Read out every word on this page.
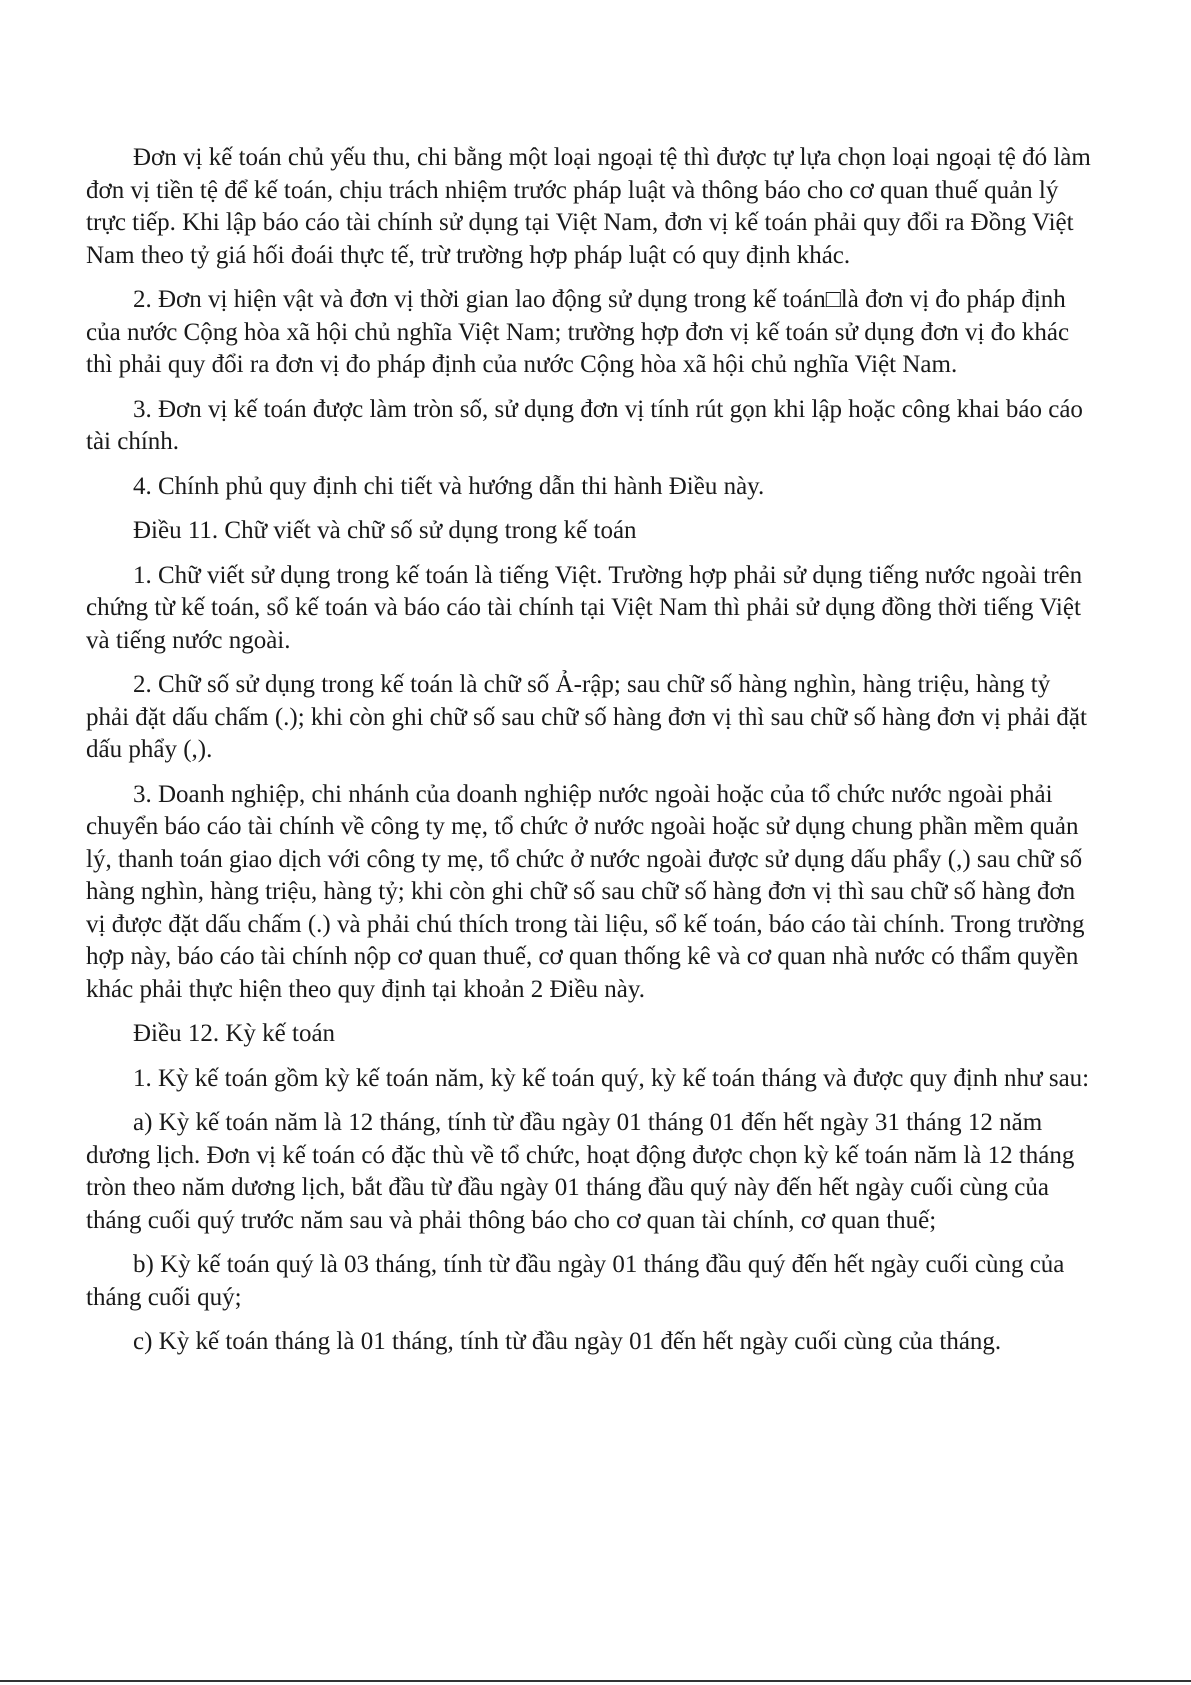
Đơn vị kế toán chủ yếu thu, chi bằng một loại ngoại tệ thì được tự lựa chọn loại ngoại tệ đó làm đơn vị tiền tệ để kế toán, chịu trách nhiệm trước pháp luật và thông báo cho cơ quan thuế quản lý trực tiếp. Khi lập báo cáo tài chính sử dụng tại Việt Nam, đơn vị kế toán phải quy đổi ra Đồng Việt Nam theo tỷ giá hối đoái thực tế, trừ trường hợp pháp luật có quy định khác.

2. Đơn vị hiện vật và đơn vị thời gian lao động sử dụng trong kế toán□là đơn vị đo pháp định của nước Cộng hòa xã hội chủ nghĩa Việt Nam; trường hợp đơn vị kế toán sử dụng đơn vị đo khác thì phải quy đổi ra đơn vị đo pháp định của nước Cộng hòa xã hội chủ nghĩa Việt Nam.

3. Đơn vị kế toán được làm tròn số, sử dụng đơn vị tính rút gọn khi lập hoặc công khai báo cáo tài chính.

4. Chính phủ quy định chi tiết và hướng dẫn thi hành Điều này.

Điều 11. Chữ viết và chữ số sử dụng trong kế toán

1. Chữ viết sử dụng trong kế toán là tiếng Việt. Trường hợp phải sử dụng tiếng nước ngoài trên chứng từ kế toán, sổ kế toán và báo cáo tài chính tại Việt Nam thì phải sử dụng đồng thời tiếng Việt và tiếng nước ngoài.

2. Chữ số sử dụng trong kế toán là chữ số Ả-rập; sau chữ số hàng nghìn, hàng triệu, hàng tỷ phải đặt dấu chấm (.); khi còn ghi chữ số sau chữ số hàng đơn vị thì sau chữ số hàng đơn vị phải đặt dấu phẩy (,).

3. Doanh nghiệp, chi nhánh của doanh nghiệp nước ngoài hoặc của tổ chức nước ngoài phải chuyển báo cáo tài chính về công ty mẹ, tổ chức ở nước ngoài hoặc sử dụng chung phần mềm quản lý, thanh toán giao dịch với công ty mẹ, tổ chức ở nước ngoài được sử dụng dấu phẩy (,) sau chữ số hàng nghìn, hàng triệu, hàng tỷ; khi còn ghi chữ số sau chữ số hàng đơn vị thì sau chữ số hàng đơn vị được đặt dấu chấm (.) và phải chú thích trong tài liệu, sổ kế toán, báo cáo tài chính. Trong trường hợp này, báo cáo tài chính nộp cơ quan thuế, cơ quan thống kê và cơ quan nhà nước có thẩm quyền khác phải thực hiện theo quy định tại khoản 2 Điều này.

Điều 12. Kỳ kế toán

1. Kỳ kế toán gồm kỳ kế toán năm, kỳ kế toán quý, kỳ kế toán tháng và được quy định như sau:

a) Kỳ kế toán năm là 12 tháng, tính từ đầu ngày 01 tháng 01 đến hết ngày 31 tháng 12 năm dương lịch. Đơn vị kế toán có đặc thù về tổ chức, hoạt động được chọn kỳ kế toán năm là 12 tháng tròn theo năm dương lịch, bắt đầu từ đầu ngày 01 tháng đầu quý này đến hết ngày cuối cùng của tháng cuối quý trước năm sau và phải thông báo cho cơ quan tài chính, cơ quan thuế;

b) Kỳ kế toán quý là 03 tháng, tính từ đầu ngày 01 tháng đầu quý đến hết ngày cuối cùng của tháng cuối quý;

c) Kỳ kế toán tháng là 01 tháng, tính từ đầu ngày 01 đến hết ngày cuối cùng của tháng.
